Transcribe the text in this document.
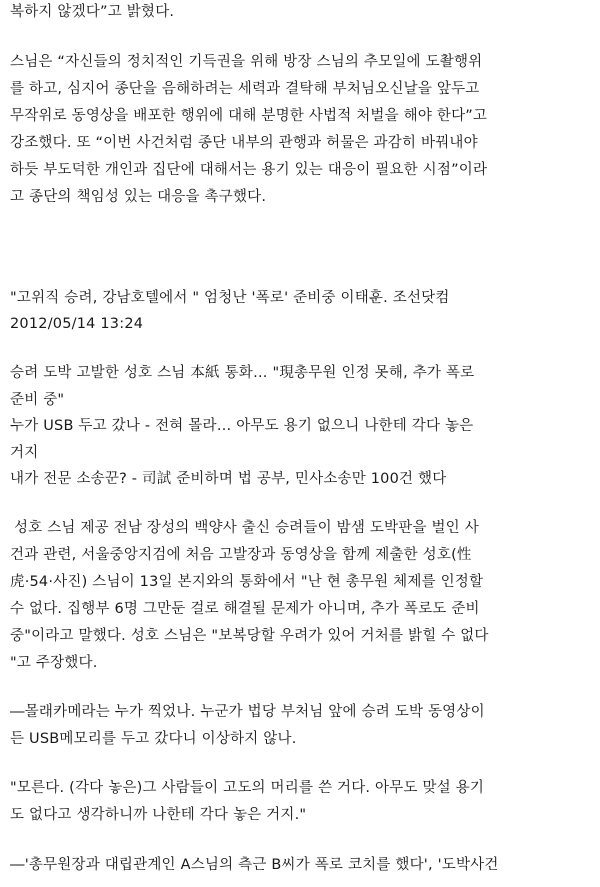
복하지 않겠다”고 밝혔다.
스님은 “자신들의 정치적인 기득권을 위해 방장 스님의 추모일에 도촬행위
를 하고, 심지어 종단을 음해하려는 세력과 결탁해 부처님오신날을 앞두고
무작위로 동영상을 배포한 행위에 대해 분명한 사법적 처벌을 해야 한다”고
강조했다. 또 “이번 사건처럼 종단 내부의 관행과 허물은 과감히 바꿔내야
하듯 부도덕한 개인과 집단에 대해서는 용기 있는 대응이 필요한 시점”이라
고 종단의 책임성 있는 대응을 촉구했다.
"고위직 승려, 강남호텔에서 " 엄청난 '폭로' 준비중 이태훈. 조선닷컴
2012/05/14 13:24
승려 도박 고발한 성호 스님 本紙 통화… "現총무원 인정 못해, 추가 폭로
준비 중"
누가 USB 두고 갔나 - 전혀 몰라… 아무도 용기 없으니 나한테 각다 놓은
거지
내가 전문 소송꾼? - 司試 준비하며 법 공부, 민사소송만 100건 했다
성호 스님 제공 전남 장성의 백양사 출신 승려들이 밤샘 도박판을 벌인 사
건과 관련, 서울중앙지검에 처음 고발장과 동영상을 함께 제출한 성호(性
虎·54·사진) 스님이 13일 본지와의 통화에서 "난 현 총무원 체제를 인정할
수 없다. 집행부 6명 그만둔 걸로 해결될 문제가 아니며, 추가 폭로도 준비
중"이라고 말했다. 성호 스님은 "보복당할 우려가 있어 거처를 밝힐 수 없다
"고 주장했다.
―몰래카메라는 누가 찍었나. 누군가 법당 부처님 앞에 승려 도박 동영상이
든 USB메모리를 두고 갔다니 이상하지 않나.
"모른다. (각다 놓은)그 사람들이 고도의 머리를 쓴 거다. 아무도 맞설 용기
도 없다고 생각하니까 나한테 각다 놓은 거지."
―'총무원장과 대립관계인 A스님의 측근 B씨가 폭로 코치를 했다', '도박사건
